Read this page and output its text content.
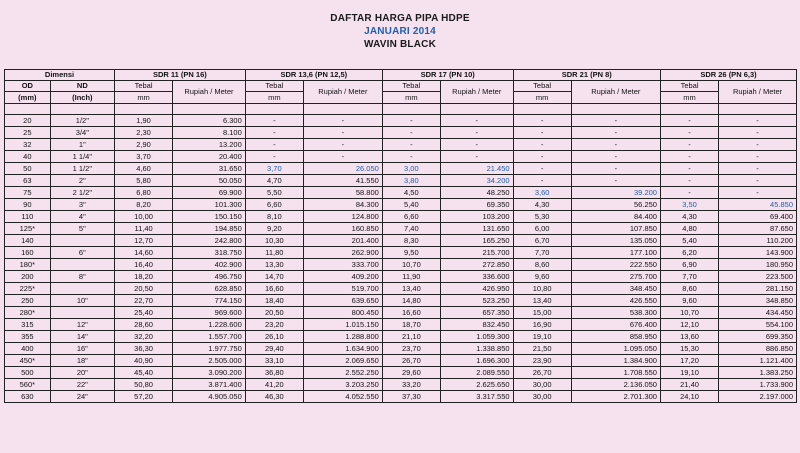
DAFTAR HARGA PIPA HDPE
JANUARI 2014
WAVIN BLACK
Dimensi		SDR 11 (PN 16)		SDR 13,6 (PN 12,5)		SDR 17 (PN 10)		SDR 21 (PN 8)		SDR 26 (PN 6,3)	
OD	ND	Tebal	Rupiah / Meter	Tebal	Rupiah / Meter	Tebal	Rupiah / Meter	Tebal	Rupiah / Meter	Tebal	Rupiah / Meter
(mm)	(Inch)	mm		mm		mm		mm		mm	

20	1/2"	1,90	6.300	-	-	-	-	-	-	-	-
25	3/4"	2,30	8.100	-	-	-	-	-	-	-	-
32	1"	2,90	13.200	-	-	-	-	-	-	-	-
40	1 1/4"	3,70	20.400	-	-	-	-	-	-	-	-
50	1 1/2"	4,60	31.650	3,70	26.050	3,00	21.450	-	-	-	-
63	2"	5,80	50.050	4,70	41.550	3,80	34.200	-	-	-	-
75	2 1/2"	6,80	69.900	5,50	58.800	4,50	48.250	3,60	39.200	-	-
90	3"	8,20	101.300	6,60	84.300	5,40	69.350	4,30	56.250	3,50	45.850
110	4"	10,00	150.150	8,10	124.800	6,60	103.200	5,30	84.400	4,30	69.400
125*	5"	11,40	194.850	9,20	160.850	7,40	131.650	6,00	107.850	4,80	87.650
140		12,70	242.800	10,30	201.400	8,30	165.250	6,70	135.050	5,40	110.200
160	6"	14,60	318.750	11,80	262.900	9,50	215.700	7,70	177.100	6,20	143.900
180*		16,40	402.900	13,30	333.700	10,70	272.850	8,60	222.550	6,90	180.950
200	8"	18,20	496.750	14,70	409.200	11,90	336.600	9,60	275.700	7,70	223.500
225*		20,50	628.850	16,60	519.700	13,40	426.950	10,80	348.450	8,60	281.150
250	10"	22,70	774.150	18,40	639.650	14,80	523.250	13,40	426.550	9,60	348.850
280*		25,40	969.600	20,50	800.450	16,60	657.350	15,00	538.300	10,70	434.450
315	12"	28,60	1.228.600	23,20	1.015.150	18,70	832.450	16,90	676.400	12,10	554.100
355	14"	32,20	1.557.700	26,10	1.288.800	21,10	1.059.300	19,10	858.950	13,60	699.350
400	16"	36,30	1.977.750	29,40	1.634.900	23,70	1.338.850	21,50	1.095.050	15,30	886.850
450*	18"	40,90	2.505.000	33,10	2.069.650	26,70	1.696.300	23,90	1.384.900	17,20	1.121.400
500	20"	45,40	3.090.200	36,80	2.552.250	29,60	2.089.550	26,70	1.708.550	19,10	1.383.250
560*	22"	50,80	3.871.400	41,20	3.203.250	33,20	2.625.650	30,00	2.136.050	21,40	1.733.900
630	24"	57,20	4.905.050	46,30	4.052.550	37,30	3.317.550	30,00	2.701.300	24,10	2.197.000
